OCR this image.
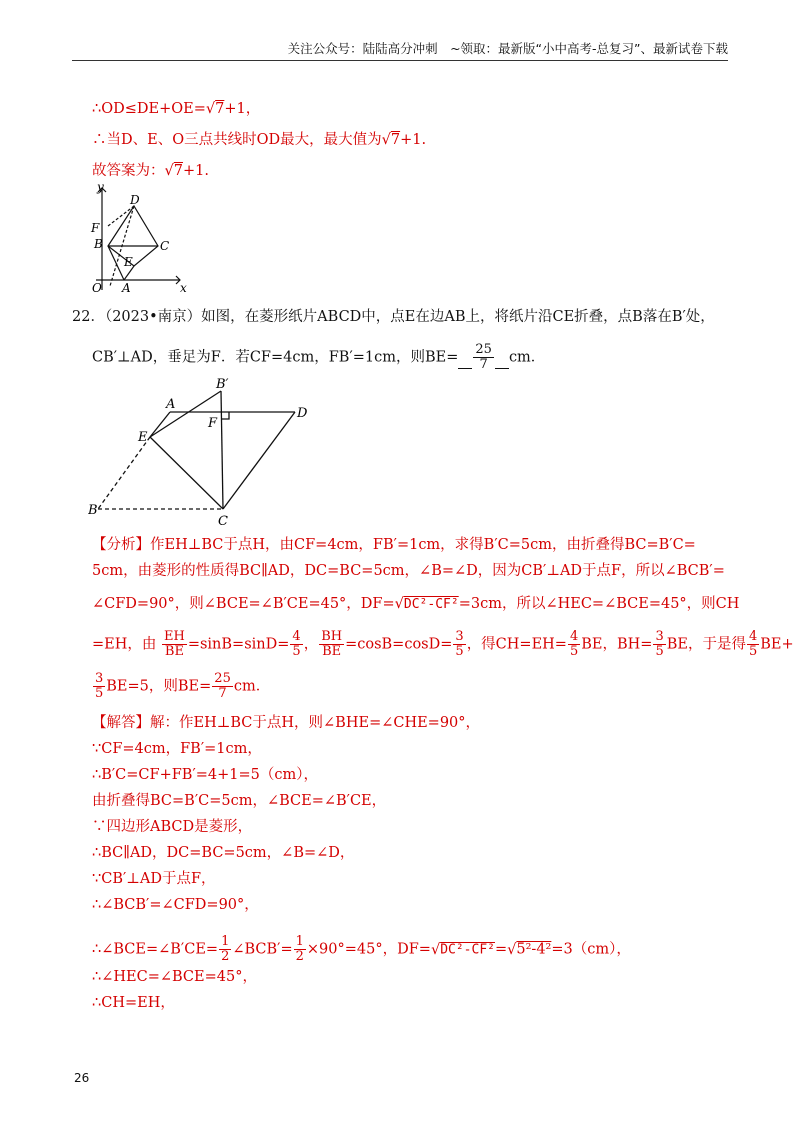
关注公众号：陆陆高分冲刺　~领取：最新版“小中高考-总复习”、最新试卷下载
∴OD≤DE+OE=√7+1，
∴当D、E、O三点共线时OD最大，最大值为√7+1.
故答案为：√7+1.
y
D
F
B	C
E
O A	x
22．（2023•南京）如图，在菱形纸片ABCD中，点E在边AB上，将纸片沿CE折叠，点B落在B′处，
CB′⊥AD，垂足为F．若CF=4cm，FB′=1cm，则$BE= \frac{25}{7}$ cm．
B′
A
D
F
E
B
C
【分析】作EH⊥BC于点H，由CF=4cm，FB′=1cm，求得B′C=5cm，由折叠得BC=B′C=
5cm，由菱形的性质得BC∥AD，DC=BC=5cm，∠B=∠D，因为CB′⊥AD于点F，所以∠BCB′=
∠CFD=90°，则∠BCE=∠B′CE=45°，DF=√DC²-CF²=3cm，所以∠HEC=∠BCE=45°，则CH
=EH，由 $\frac{EH}{BE} =\sin B=\sin D= \frac{4}{5}$ ， $\frac{BH}{BE} =\cos B=\cos D= \frac{3}{5}$ ，得$CH=EH= \frac{4}{5}$ BE，$BH= \frac{3}{5}$ BE，于是得 $\frac{4}{5} BE+$
$\frac{3}{5} BE=5$，则$BE= \frac{25}{7}$ cm．
【解答】解：作EH⊥BC于点H，则∠BHE=∠CHE=90°，
∵CF=4cm，FB′=1cm，
∴B′C=CF+FB′=4+1=5（cm），
由折叠得BC=B′C=5cm，∠BCE=∠B′CE，
∵四边形ABCD是菱形，
∴BC∥AD，DC=BC=5cm，∠B=∠D，
∵CB′⊥AD于点F，
∴∠BCB′=∠CFD=90°，
∴∠BCE=∠B′CE= $\frac{1}{2}$ ∠BCB′= $\frac{1}{2} \times 90^\circ=45^\circ$，DF=√DC²-CF²=√5²-4²=3（cm），
∴∠HEC=∠BCE=45°，
∴CH=EH，
26
